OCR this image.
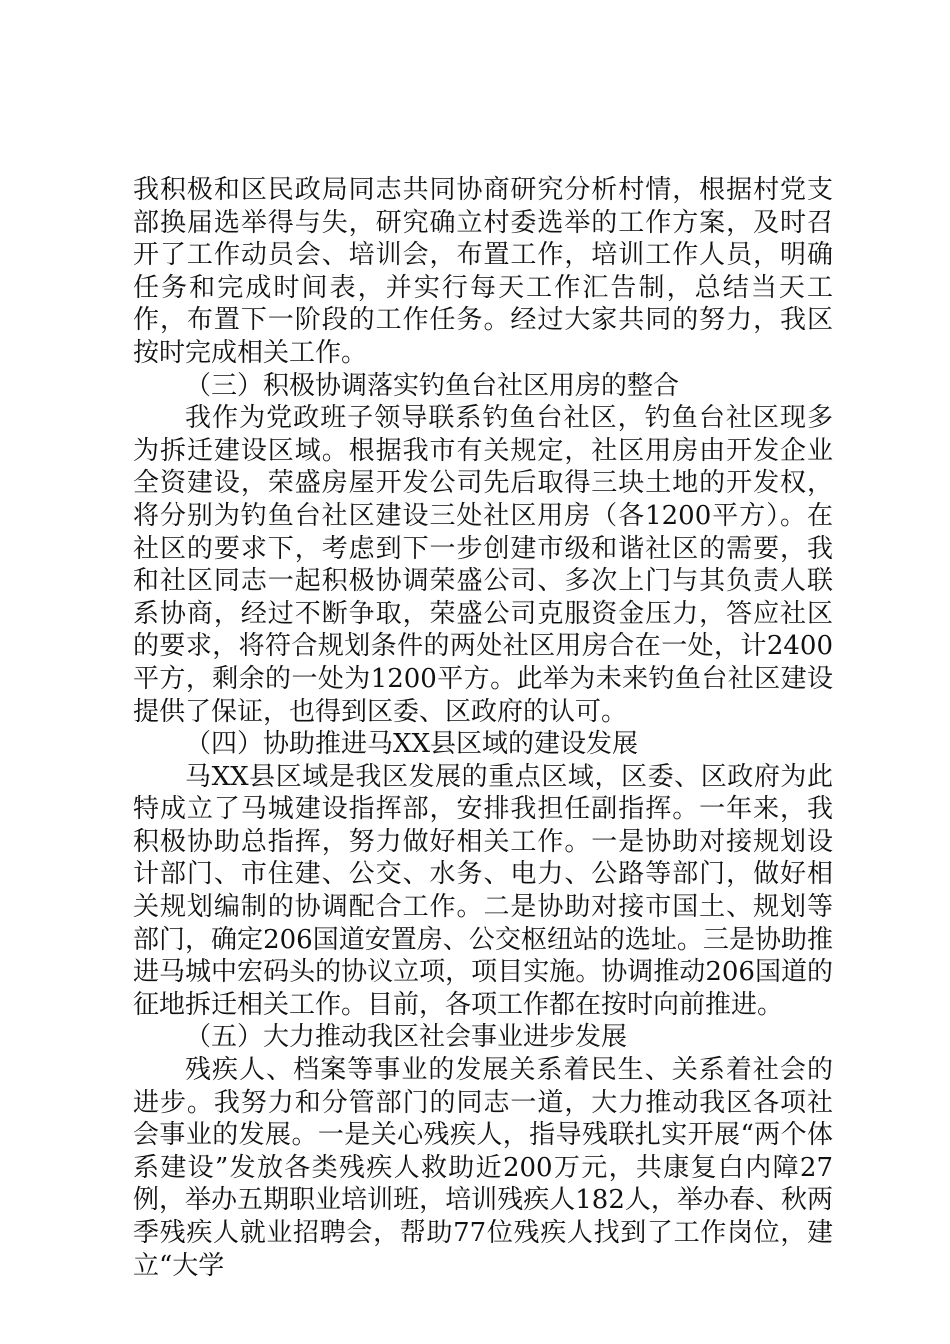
我积极和区民政局同志共同协商研究分析村情，根据村党支部换届选举得与失，研究确立村委选举的工作方案，及时召开了工作动员会、培训会，布置工作，培训工作人员，明确任务和完成时间表，并实行每天工作汇告制，总结当天工作，布置下一阶段的工作任务。经过大家共同的努力，我区按时完成相关工作。

（三）积极协调落实钓鱼台社区用房的整合

我作为党政班子领导联系钓鱼台社区，钓鱼台社区现多为拆迁建设区域。根据我市有关规定，社区用房由开发企业全资建设，荣盛房屋开发公司先后取得三块土地的开发权，将分别为钓鱼台社区建设三处社区用房（各1200平方）。在社区的要求下，考虑到下一步创建市级和谐社区的需要，我和社区同志一起积极协调荣盛公司、多次上门与其负责人联系协商，经过不断争取，荣盛公司克服资金压力，答应社区的要求，将符合规划条件的两处社区用房合在一处，计2400平方，剩余的一处为1200平方。此举为未来钓鱼台社区建设提供了保证，也得到区委、区政府的认可。

（四）协助推进马XX县区域的建设发展

马XX县区域是我区发展的重点区域，区委、区政府为此特成立了马城建设指挥部，安排我担任副指挥。一年来，我积极协助总指挥，努力做好相关工作。一是协助对接规划设计部门、市住建、公交、水务、电力、公路等部门，做好相关规划编制的协调配合工作。二是协助对接市国土、规划等部门，确定206国道安置房、公交枢纽站的选址。三是协助推进马城中宏码头的协议立项，项目实施。协调推动206国道的征地拆迁相关工作。目前，各项工作都在按时向前推进。

（五）大力推动我区社会事业进步发展

残疾人、档案等事业的发展关系着民生、关系着社会的进步。我努力和分管部门的同志一道，大力推动我区各项社会事业的发展。一是关心残疾人，指导残联扎实开展“两个体系建设”发放各类残疾人救助近200万元，共康复白内障27例，举办五期职业培训班，培训残疾人182人，举办春、秋两季残疾人就业招聘会，帮助77位残疾人找到了工作岗位，建立“大学
